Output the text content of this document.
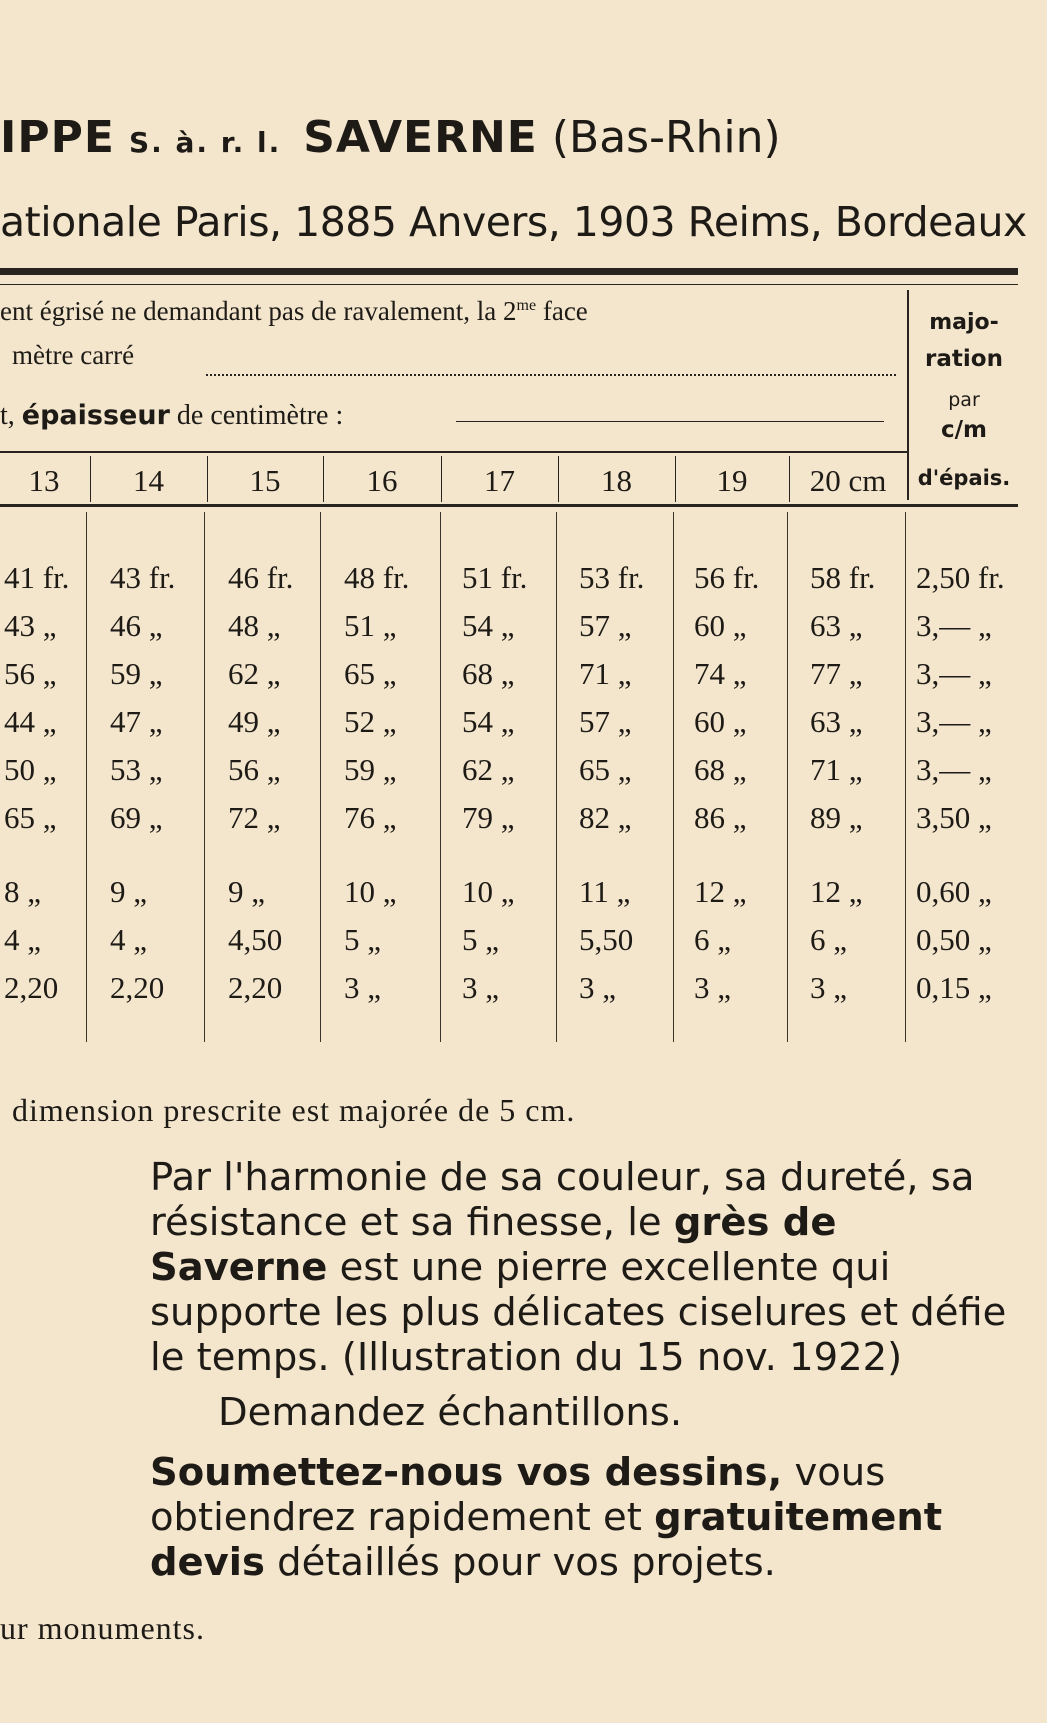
IPPE S. à. r. l. SAVERNE (Bas-Rhin)
ationale Paris, 1885 Anvers, 1903 Reims, Bordeaux
ent égrisé ne demandant pas de ravalement, la $2^{me}$ face
mètre carré
t, épaisseur de centimètre :
majo-
ration
par
c/m
d'épais.
13	14	15	16	17	18	19	20 cm
41 fr. 43 fr. 46 fr. 48 fr. 51 fr. 53 fr. 56 fr. 58 fr. 2,50 fr.
43 „ 46 „ 48 „ 51 „ 54 „ 57 „ 60 „ 63 „ 3,— „
56 „ 59 „ 62 „ 65 „ 68 „ 71 „ 74 „ 77 „ 3,— „
44 „ 47 „ 49 „ 52 „ 54 „ 57 „ 60 „ 63 „ 3,— „
50 „ 53 „ 56 „ 59 „ 62 „ 65 „ 68 „ 71 „ 3,— „
65 „ 69 „ 72 „ 76 „ 79 „ 82 „ 86 „ 89 „ 3,50 „
8 „ 9 „	9 „	10 „ 10 „ 11 „ 12 „ 12 „ 0,60 „
4 „ 4 „	4,50 5 „	5 „	5,50 6 „	6 „ 0,50 „
2,20 2,20 2,20 3 „	3 „	3 „	3 „	3 „ 0,15 „
dimension prescrite est majorée de 5 cm.
Par l'harmonie de sa couleur, sa dureté, sa résistance et sa finesse, le grès de Saverne est une pierre excellente qui supporte les plus délicates ciselures et défie le temps. (Illustration du 15 nov. 1922)
Demandez échantillons.
Soumettez-nous vos dessins, vous obtiendrez rapidement et gratuitement devis détaillés pour vos projets.
ur monuments.
